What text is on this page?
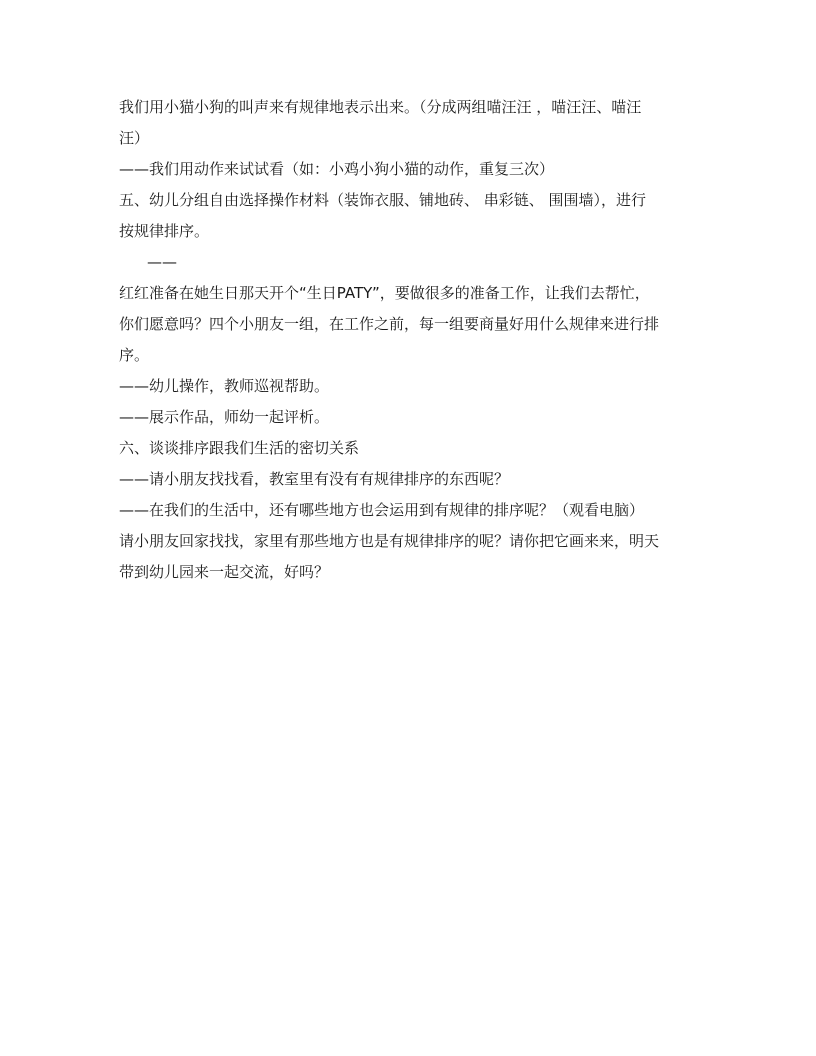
我们用小猫小狗的叫声来有规律地表示出来。（分成两组喵汪汪 ，喵汪汪、喵汪
汪）
——我们用动作来试试看（如：小鸡小狗小猫的动作，重复三次）
五、幼儿分组自由选择操作材料（装饰衣服、铺地砖、 串彩链、 围围墙），进行
按规律排序。
——
红红准备在她生日那天开个“生日PATY”，要做很多的准备工作，让我们去帮忙，
你们愿意吗？四个小朋友一组，在工作之前，每一组要商量好用什么规律来进行排
序。
——幼儿操作，教师巡视帮助。
——展示作品，师幼一起评析。
六、谈谈排序跟我们生活的密切关系
——请小朋友找找看，教室里有没有有规律排序的东西呢？
——在我们的生活中，还有哪些地方也会运用到有规律的排序呢？（观看电脑）
请小朋友回家找找，家里有那些地方也是有规律排序的呢？请你把它画来来，明天
带到幼儿园来一起交流，好吗？
